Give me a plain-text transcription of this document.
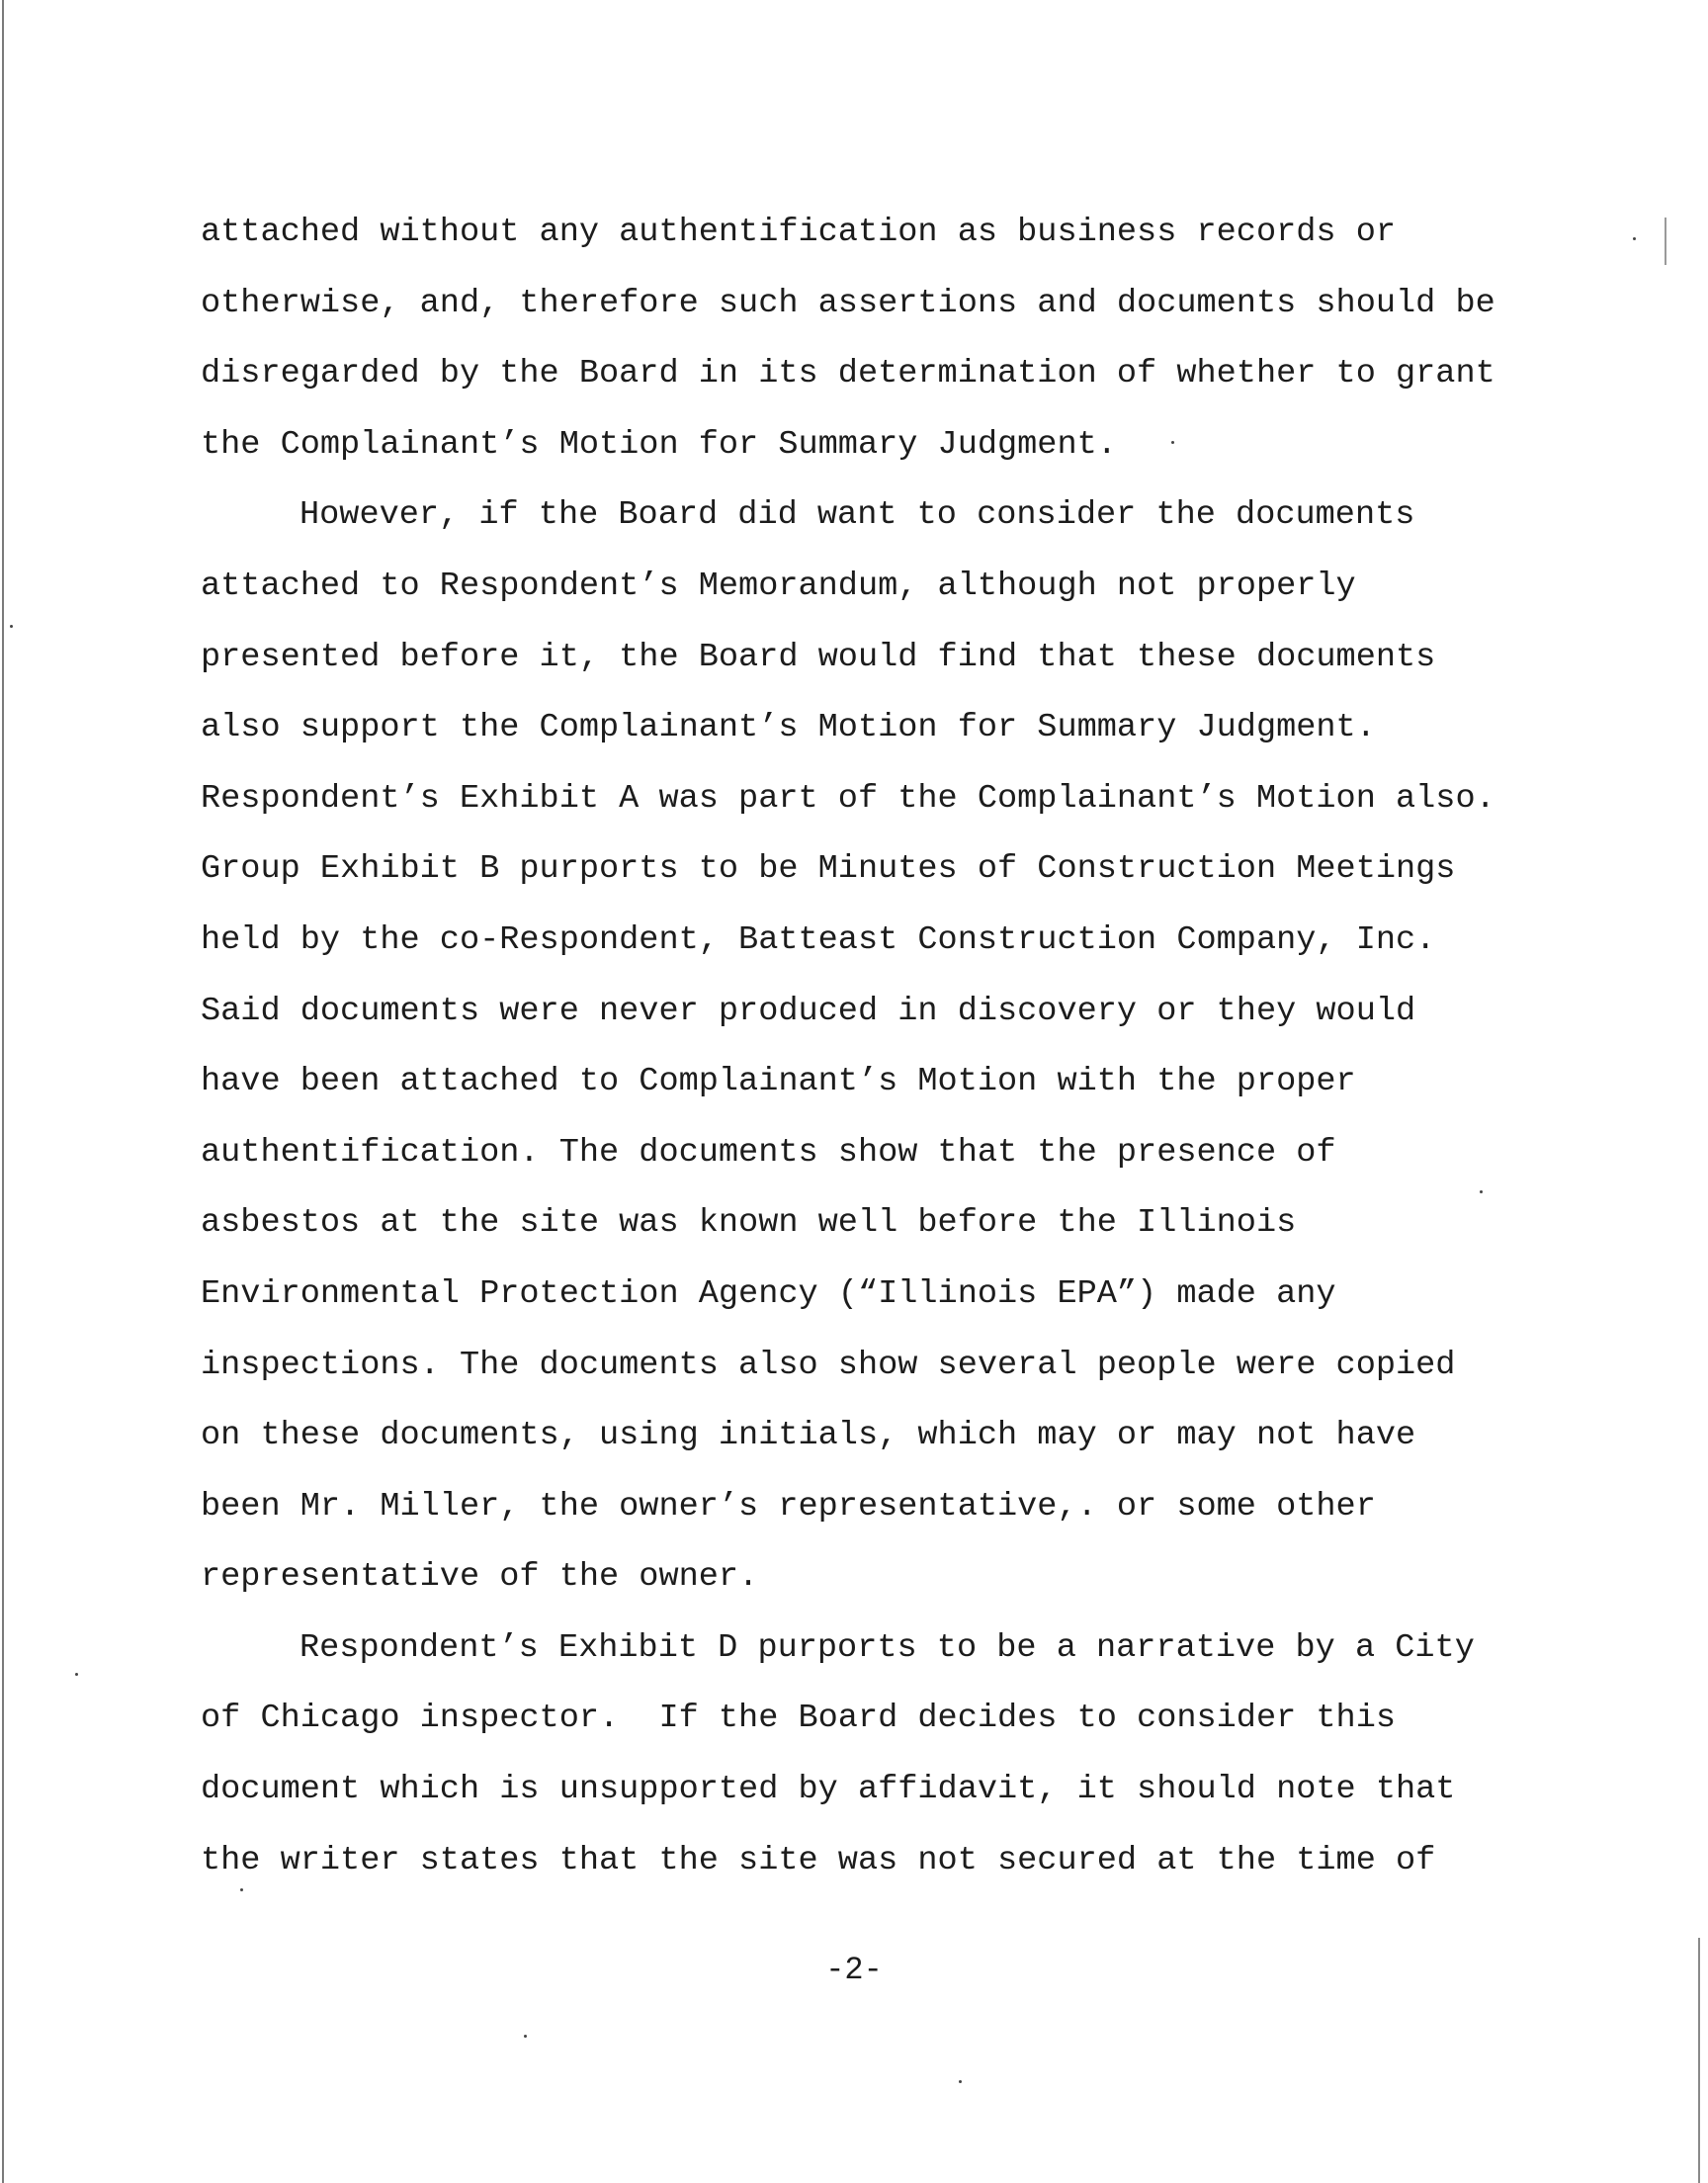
attached without any authentification as business records or
otherwise, and, therefore such assertions and documents should be
disregarded by the Board in its determination of whether to grant
the Complainant’s Motion for Summary Judgment.
However, if the Board did want to consider the documents
attached to Respondent’s Memorandum, although not properly
presented before it, the Board would find that these documents
also support the Complainant’s Motion for Summary Judgment.
Respondent’s Exhibit A was part of the Complainant’s Motion also.
Group Exhibit B purports to be Minutes of Construction Meetings
held by the co-Respondent, Batteast Construction Company, Inc.
Said documents were never produced in discovery or they would
have been attached to Complainant’s Motion with the proper
authentification. The documents show that the presence of
asbestos at the site was known well before the Illinois
Environmental Protection Agency (“Illinois EPA”) made any
inspections. The documents also show several people were copied
on these documents, using initials, which may or may not have
been Mr. Miller, the owner’s representative,. or some other
representative of the owner.
Respondent’s Exhibit D purports to be a narrative by a City
of Chicago inspector.  If the Board decides to consider this
document which is unsupported by affidavit, it should note that
the writer states that the site was not secured at the time of
-2-
